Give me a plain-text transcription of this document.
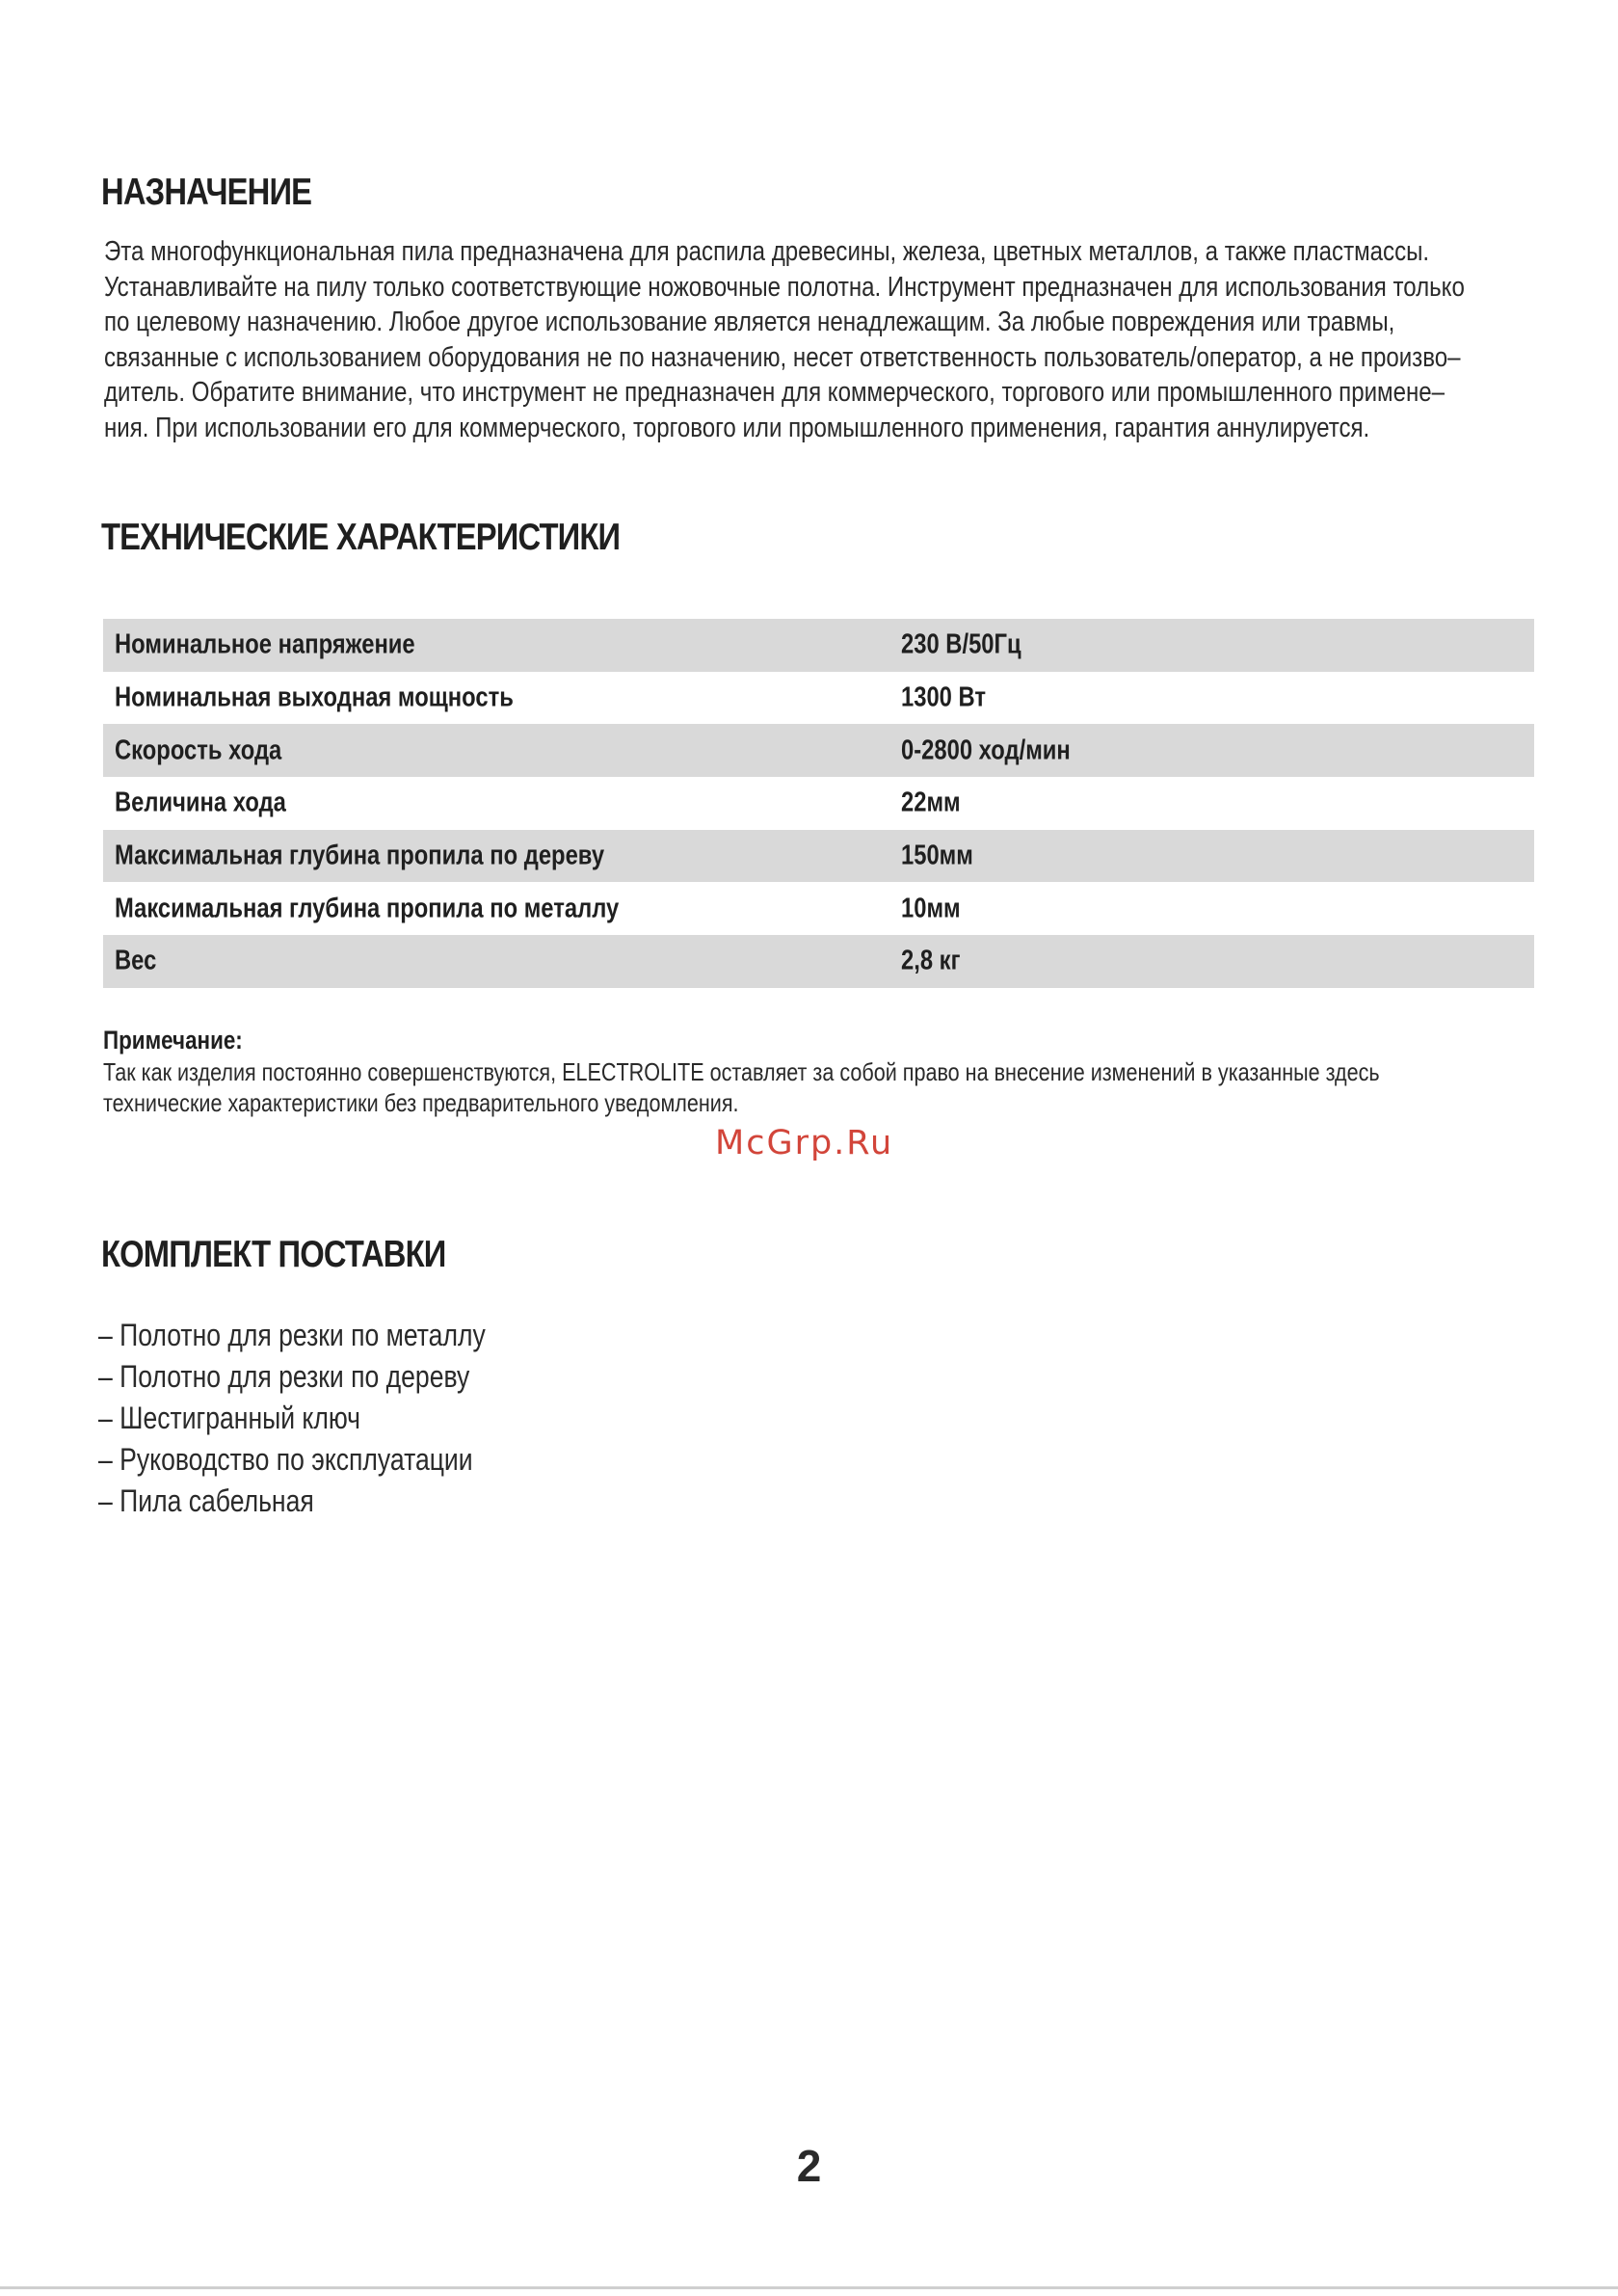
НАЗНАЧЕНИЕ

Эта многофункциональная пила предназначена для распила древесины, железа, цветных металлов, а также пластмассы.
Устанавливайте на пилу только соответствующие ножовочные полотна. Инструмент предназначен для использования только
по целевому назначению. Любое другое использование является ненадлежащим. За любые повреждения или травмы,
связанные с использованием оборудования не по назначению, несет ответственность пользователь/оператор, а не произво–
дитель. Обратите внимание, что инструмент не предназначен для коммерческого, торгового или промышленного примене–
ния. При использовании его для коммерческого, торгового или промышленного применения, гарантия аннулируется.

ТЕХНИЧЕСКИЕ ХАРАКТЕРИСТИКИ
Номинальное напряжение	230 В/50Гц
Номинальная выходная мощность	1300 Вт
Скорость хода	0-2800 ход/мин
Величина хода	22мм
Максимальная глубина пропила по дереву	150мм
Максимальная глубина пропила по металлу	10мм
Вес	2,8 кг
Примечание:
Так как изделия постоянно совершенствуются, ELECTROLITE оставляет за собой право на внесение изменений в указанные здесь
технические характеристики без предварительного уведомления.
McGrp.Ru
КОМПЛЕКТ ПОСТАВКИ
– Полотно для резки по металлу
– Полотно для резки по дереву
– Шестигранный ключ
– Руководство по эксплуатации
– Пила сабельная
2
